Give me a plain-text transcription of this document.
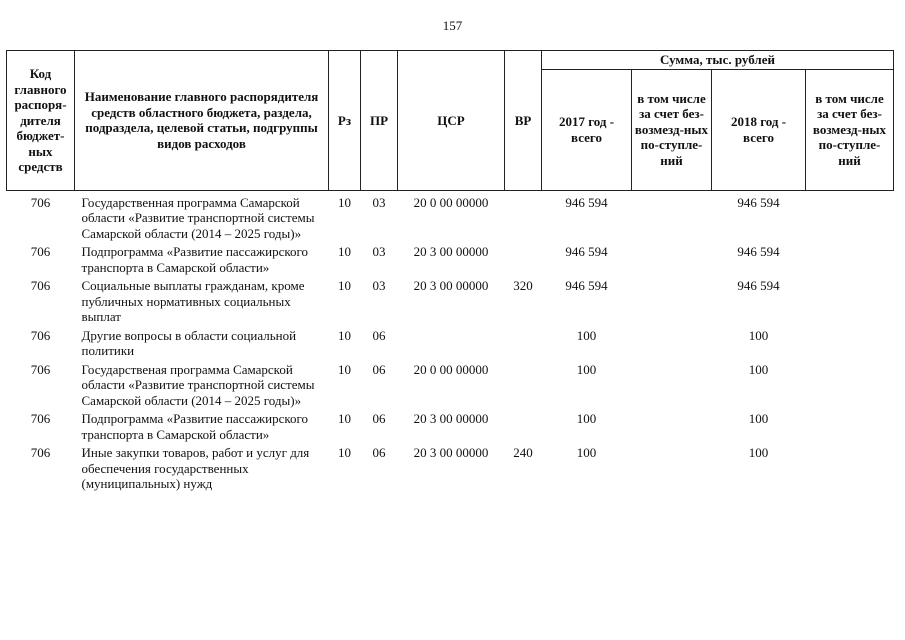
157
Код главного распоря-дителя бюджет-ных средств	Наименование главного распорядителя средств областного бюджета, раздела, подраздела, целевой статьи, подгруппы видов расходов	Рз	ПР	ЦСР	ВР	Сумма, тыс. рублей			
						2017 год - всего	в том числе за счет без-возмезд-ных по-ступле-ний	2018 год - всего	в том числе за счет без-возмезд-ных по-ступле-ний

706	Государственная программа Самарской области «Развитие транспортной системы Самарской области (2014 – 2025 годы)»	10	03	20 0 00 00000		946 594		946 594	
706	Подпрограмма «Развитие пассажирского транспорта в Самарской области»	10	03	20 3 00 00000		946 594		946 594	
706	Социальные выплаты гражданам, кроме публичных нормативных социальных выплат	10	03	20 3 00 00000	320	946 594		946 594	
706	Другие вопросы в области социальной политики	10	06			100		100	
706	Государственая программа Самарской области «Развитие транспортной системы Самарской области (2014 – 2025 годы)»	10	06	20 0 00 00000		100		100	
706	Подпрограмма «Развитие пассажирского транспорта в Самарской области»	10	06	20 3 00 00000		100		100	
706	Иные закупки товаров, работ и услуг для обеспечения государственных (муниципальных) нужд	10	06	20 3 00 00000	240	100		100	
